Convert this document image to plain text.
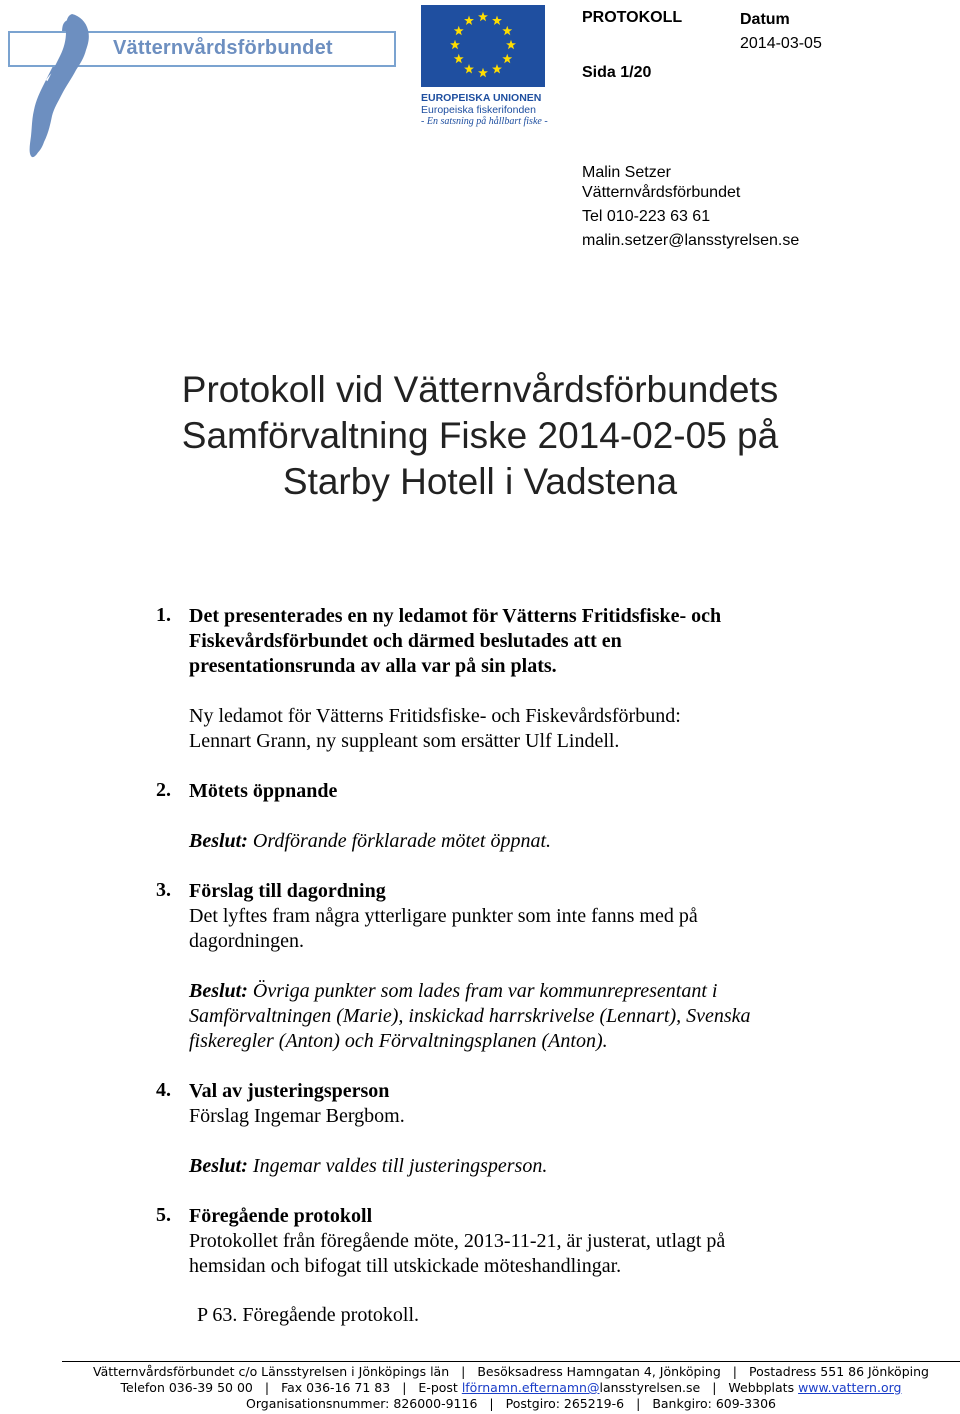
Vätternvårdsförbundet
EUROPEISKA UNIONEN
Europeiska fiskerifonden
- En satsning på hållbart fiske -
PROTOKOLL
Sida 1/20
Datum
2014-03-05
Malin Setzer
Vätternvårdsförbundet
Tel 010-223 63 61
malin.setzer@lansstyrelsen.se
Protokoll vid Vätternvårdsförbundets
Samförvaltning Fiske 2014-02-05 på
Starby Hotell i Vadstena
1. Det presenterades en ny ledamot för Vätterns Fritidsfiske- och
Fiskevårdsförbundet och därmed beslutades att en
presentationsrunda av alla var på sin plats.
Ny ledamot för Vätterns Fritidsfiske- och Fiskevårdsförbund:
Lennart Grann, ny suppleant som ersätter Ulf Lindell.
2. Mötets öppnande
Beslut: Ordförande förklarade mötet öppnat.
3. Förslag till dagordning
Det lyftes fram några ytterligare punkter som inte fanns med på
dagordningen.
Beslut: Övriga punkter som lades fram var kommunrepresentant i
Samförvaltningen (Marie), inskickad harrskrivelse (Lennart), Svenska
fiskeregler (Anton) och Förvaltningsplanen (Anton).
4. Val av justeringsperson
Förslag Ingemar Bergbom.
Beslut: Ingemar valdes till justeringsperson.
5. Föregående protokoll
Protokollet från föregående möte, 2013-11-21, är justerat, utlagt på
hemsidan och bifogat till utskickade möteshandlingar.
P 63. Föregående protokoll.
Vätternvårdsförbundet c/o Länsstyrelsen i Jönköpings län | Besöksadress Hamngatan 4, Jönköping | Postadress 551 86 Jönköping
Telefon 036-39 50 00 | Fax 036-16 71 83 | E-post lförnamn.efternamn@lansstyrelsen.se | Webbplats www.vattern.org
Organisationsnummer: 826000-9116 | Postgiro: 265219-6 | Bankgiro: 609-3306
